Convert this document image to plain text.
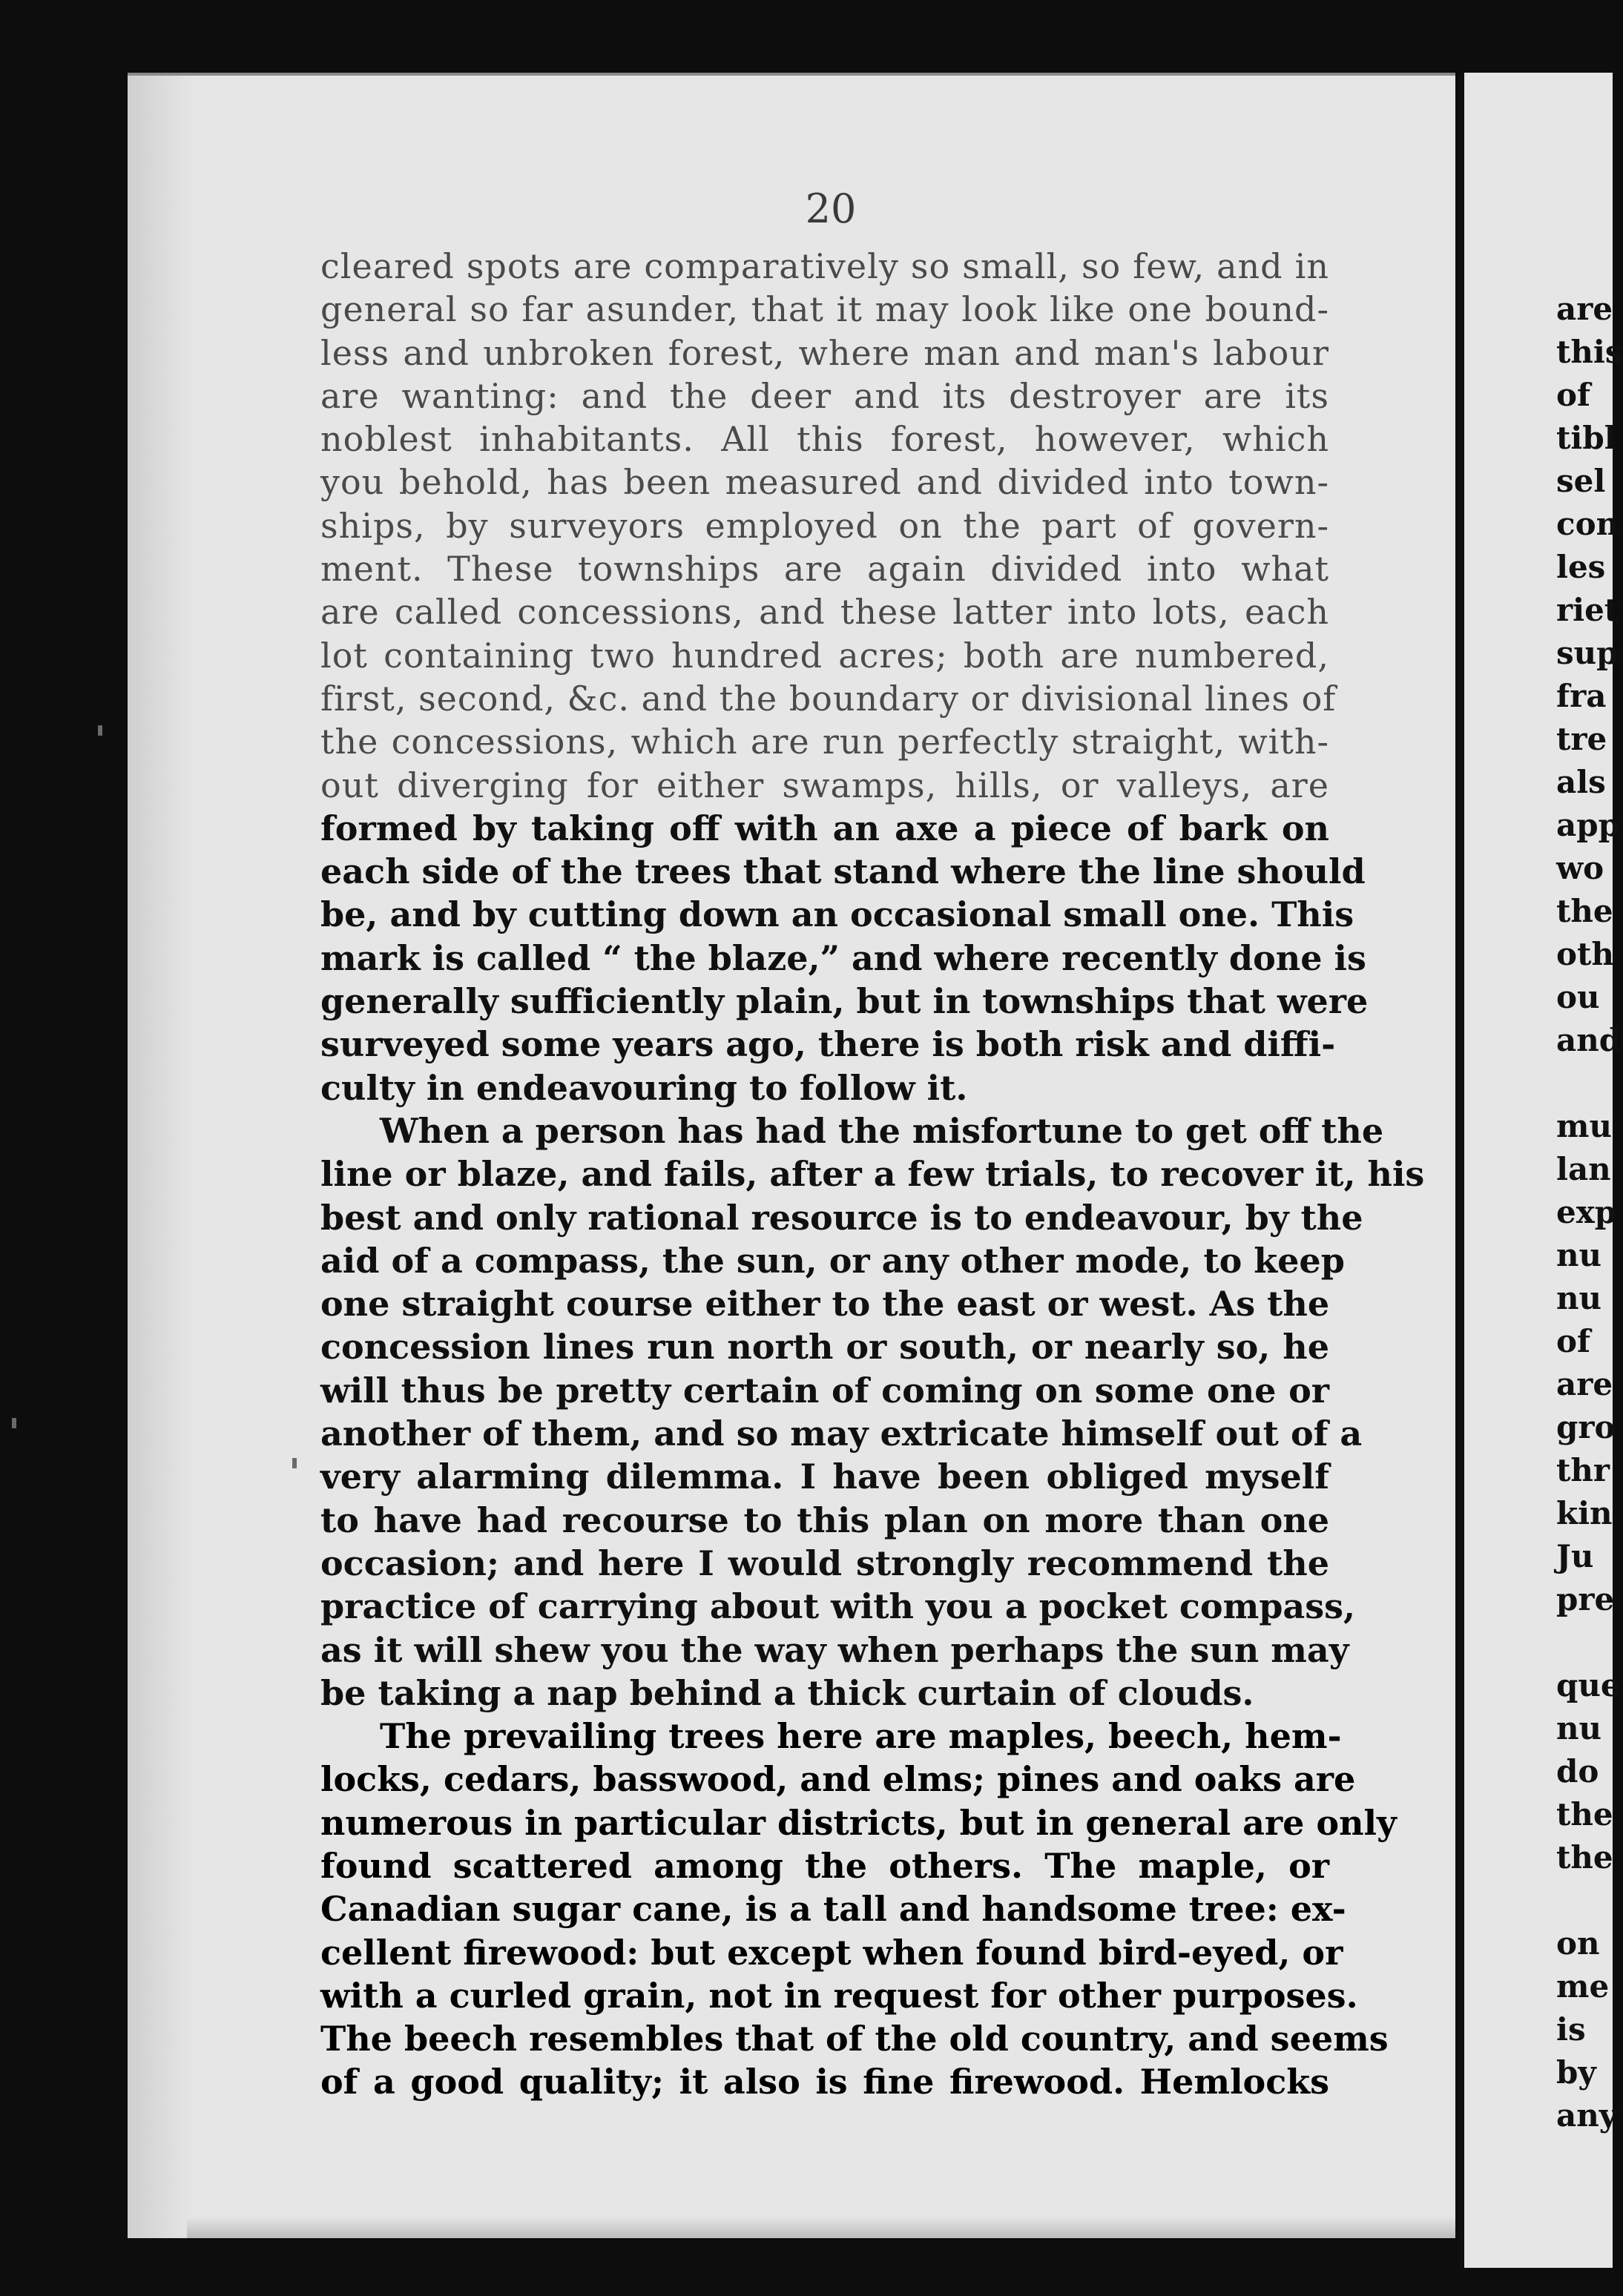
20
cleared spots are comparatively so small, so few, and in
general so far asunder, that it may look like one bound-
less and unbroken forest, where man and man's labour
are wanting: and the deer and its destroyer are its
noblest inhabitants. All this forest, however, which
you behold, has been measured and divided into town-
ships, by surveyors employed on the part of govern-
ment. These townships are again divided into what
are called concessions, and these latter into lots, each
lot containing two hundred acres; both are numbered,
first, second, &c. and the boundary or divisional lines of
the concessions, which are run perfectly straight, with-
out diverging for either swamps, hills, or valleys, are
formed by taking off with an axe a piece of bark on
each side of the trees that stand where the line should
be, and by cutting down an occasional small one. This
mark is called “ the blaze,” and where recently done is
generally sufficiently plain, but in townships that were
surveyed some years ago, there is both risk and diffi-
culty in endeavouring to follow it.
When a person has had the misfortune to get off the
line or blaze, and fails, after a few trials, to recover it, his
best and only rational resource is to endeavour, by the
aid of a compass, the sun, or any other mode, to keep
one straight course either to the east or west. As the
concession lines run north or south, or nearly so, he
will thus be pretty certain of coming on some one or
another of them, and so may extricate himself out of a
very alarming dilemma. I have been obliged myself
to have had recourse to this plan on more than one
occasion; and here I would strongly recommend the
practice of carrying about with you a pocket compass,
as it will shew you the way when perhaps the sun may
be taking a nap behind a thick curtain of clouds.
The prevailing trees here are maples, beech, hem-
locks, cedars, basswood, and elms; pines and oaks are
numerous in particular districts, but in general are only
found scattered among the others. The maple, or
Canadian sugar cane, is a tall and handsome tree: ex-
cellent firewood: but except when found bird-eyed, or
with a curled grain, not in request for other purposes.
The beech resembles that of the old country, and seems
of a good quality; it also is fine firewood. Hemlocks
are
this
of
tibl
sel
con
les
riet
sup
fra
tre
als
app
wo
the
oth
ou
and
mu
lan
exp
nu
nu
of
are
gro
thr
kin
Ju
pre
que
nu
do
the
the
on
me
is
by
any
